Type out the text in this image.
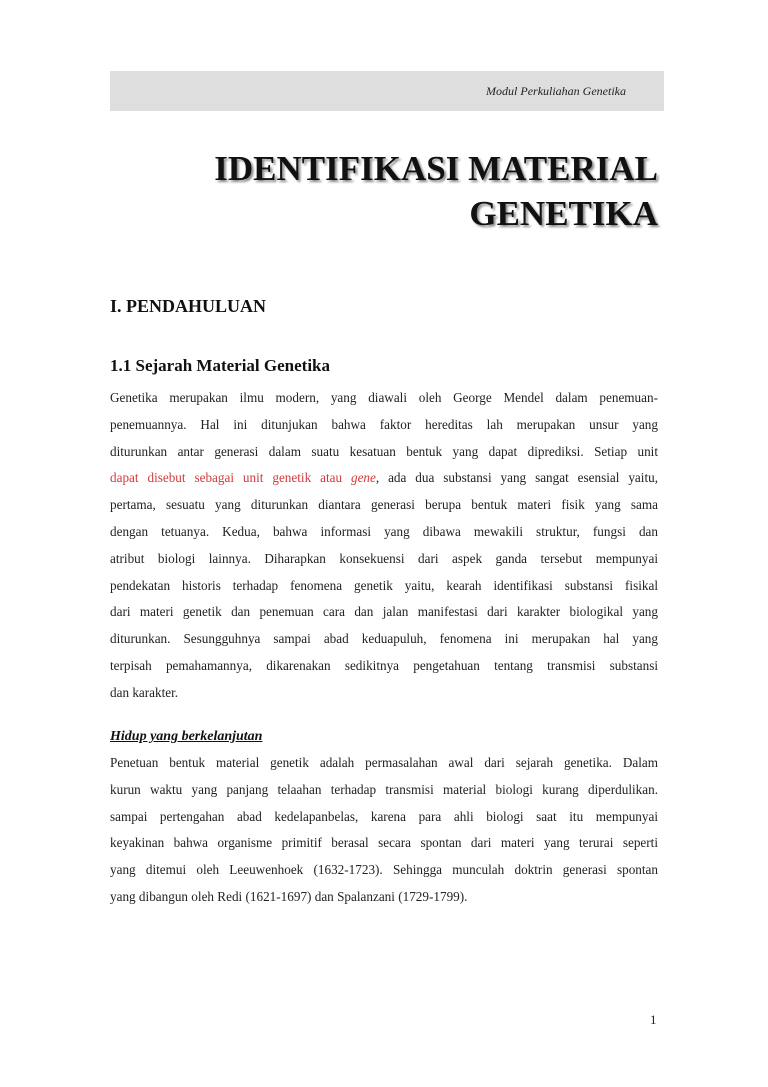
Modul Perkuliahan Genetika
IDENTIFIKASI MATERIAL
GENETIKA
I. PENDAHULUAN
1.1 Sejarah Material Genetika
Genetika merupakan ilmu modern, yang diawali oleh George Mendel dalam penemuan-
penemuannya. Hal ini ditunjukan bahwa faktor hereditas lah merupakan unsur yang
diturunkan antar generasi dalam suatu kesatuan bentuk yang dapat diprediksi. Setiap unit
dapat disebut sebagai unit genetik atau gene, ada dua substansi yang sangat esensial yaitu,
pertama, sesuatu yang diturunkan diantara generasi berupa bentuk materi fisik yang sama
dengan tetuanya. Kedua, bahwa informasi yang dibawa mewakili struktur, fungsi dan
atribut biologi lainnya. Diharapkan konsekuensi dari aspek ganda tersebut mempunyai
pendekatan historis terhadap fenomena genetik yaitu, kearah identifikasi substansi fisikal
dari materi genetik dan penemuan cara dan jalan manifestasi dari karakter biologikal yang
diturunkan. Sesungguhnya sampai abad keduapuluh, fenomena ini merupakan hal yang
terpisah pemahamannya, dikarenakan sedikitnya pengetahuan tentang transmisi substansi
dan karakter.
Hidup yang berkelanjutan
Penetuan bentuk material genetik adalah permasalahan awal dari sejarah genetika. Dalam
kurun waktu yang panjang telaahan terhadap transmisi material biologi kurang diperdulikan.
sampai pertengahan abad kedelapanbelas, karena para ahli biologi saat itu mempunyai
keyakinan bahwa organisme primitif berasal secara spontan dari materi yang terurai seperti
yang ditemui oleh Leeuwenhoek (1632-1723). Sehingga munculah doktrin generasi spontan
yang dibangun oleh Redi (1621-1697) dan Spalanzani (1729-1799).
1
